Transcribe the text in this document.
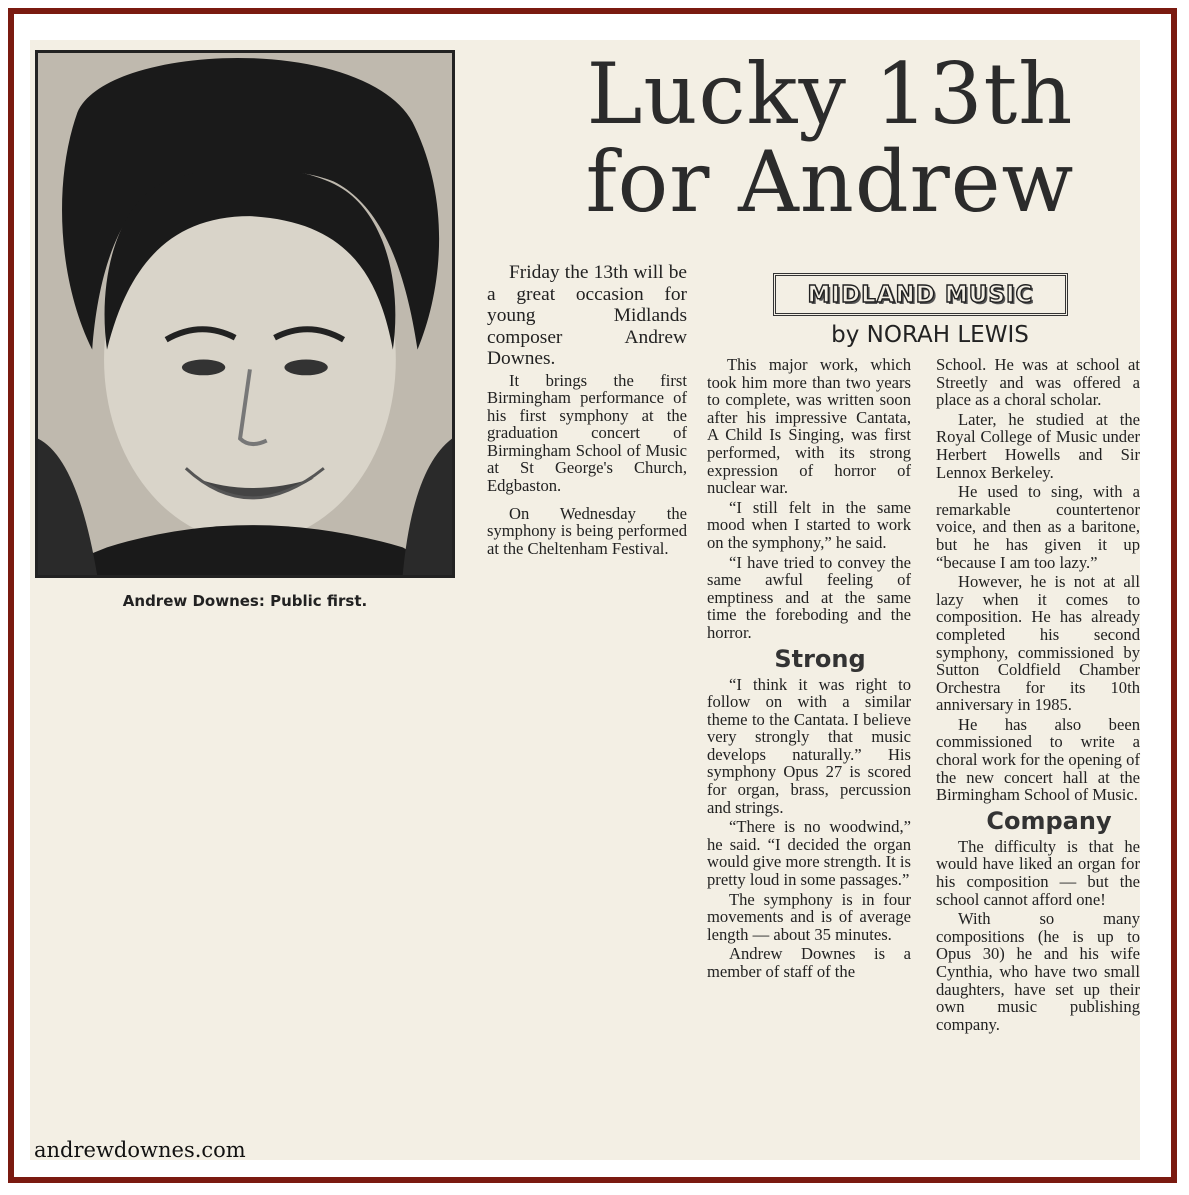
Andrew Downes: Public first.
Lucky 13th
for Andrew
MIDLAND MUSIC
by NORAH LEWIS

Friday the 13th will be a great occasion for young Midlands composer Andrew Downes.

It brings the first Birmingham performance of his first symphony at the graduation concert of Birmingham School of Music at St George's Church, Edgbaston.

On Wednesday the symphony is being performed at the Cheltenham Festival.

This major work, which took him more than two years to complete, was written soon after his impressive Cantata, A Child Is Singing, was first performed, with its strong expression of horror of nuclear war.

“I still felt in the same mood when I started to work on the symphony,” he said.

“I have tried to convey the same awful feeling of emptiness and at the same time the foreboding and the horror.

Strong

“I think it was right to follow on with a similar theme to the Cantata. I believe very strongly that music develops naturally.” His symphony Opus 27 is scored for organ, brass, percussion and strings.

“There is no woodwind,” he said. “I decided the organ would give more strength. It is pretty loud in some passages.”

The symphony is in four movements and is of average length — about 35 minutes.

Andrew Downes is a member of staff of the

School. He was at school at Streetly and was offered a place as a choral scholar.

Later, he studied at the Royal College of Music under Herbert Howells and Sir Lennox Berkeley.

He used to sing, with a remarkable countertenor voice, and then as a baritone, but he has given it up “because I am too lazy.”

However, he is not at all lazy when it comes to composition. He has already completed his second symphony, commissioned by Sutton Coldfield Chamber Orchestra for its 10th anniversary in 1985.

He has also been commissioned to write a choral work for the opening of the new concert hall at the Birmingham School of Music.

Company

The difficulty is that he would have liked an organ for his composition — but the school cannot afford one!

With so many compositions (he is up to Opus 30) he and his wife Cynthia, who have two small daughters, have set up their own music publishing company.

andrewdownes.com
